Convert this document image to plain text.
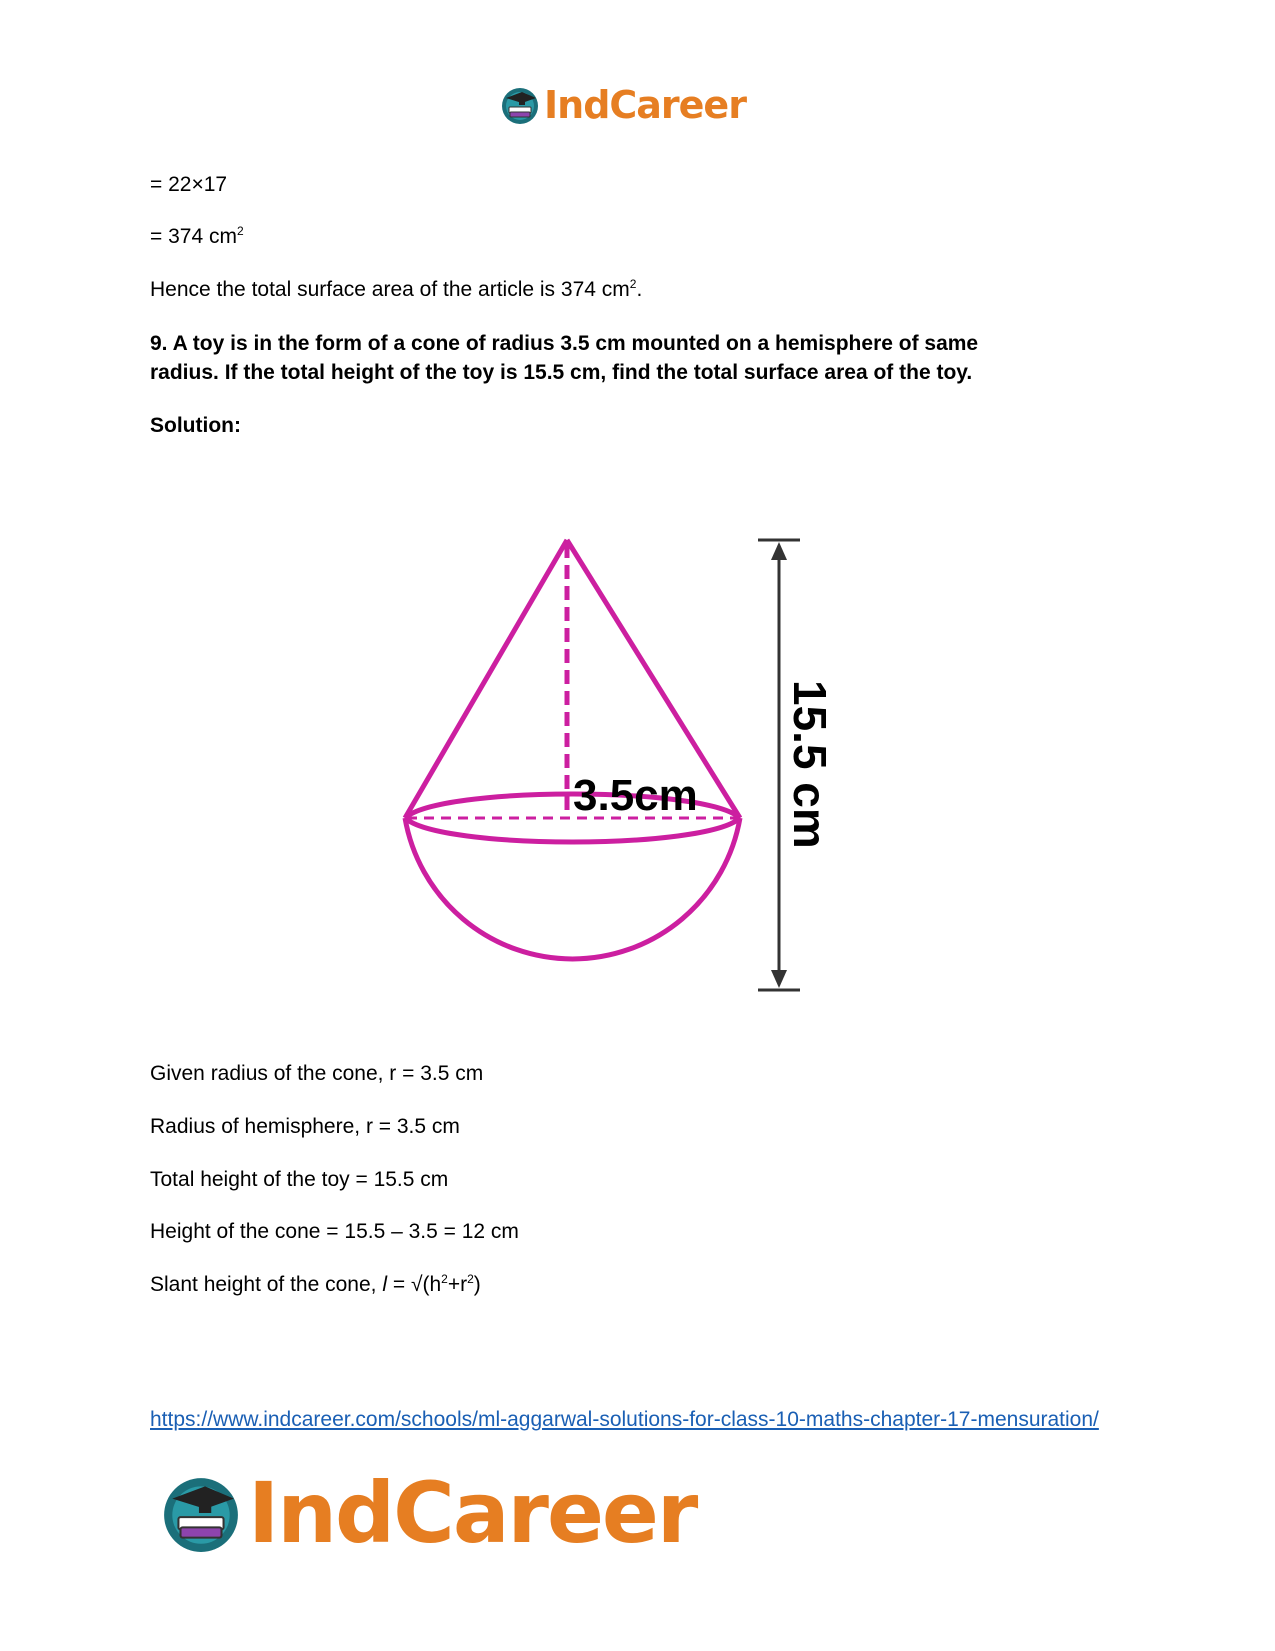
IndCareer
= 22×17
= 374 $cm^2$
Hence the total surface area of the article is 374 $cm^2$.
9. A toy is in the form of a cone of radius 3.5 cm mounted on a hemisphere of same
radius. If the total height of the toy is 15.5 cm, find the total surface area of the toy.
Solution:
3.5cm 15.5 cm
Given radius of the cone, r = 3.5 cm
Radius of hemisphere, r = 3.5 cm
Total height of the toy = 15.5 cm
Height of the cone = 15.5 – 3.5 = 12 cm
Slant height of the cone, $l = √(h^2+r^2)$
https://www.indcareer.com/schools/ml-aggarwal-solutions-for-class-10-maths-chapter-17-mensuration/
IndCareer
